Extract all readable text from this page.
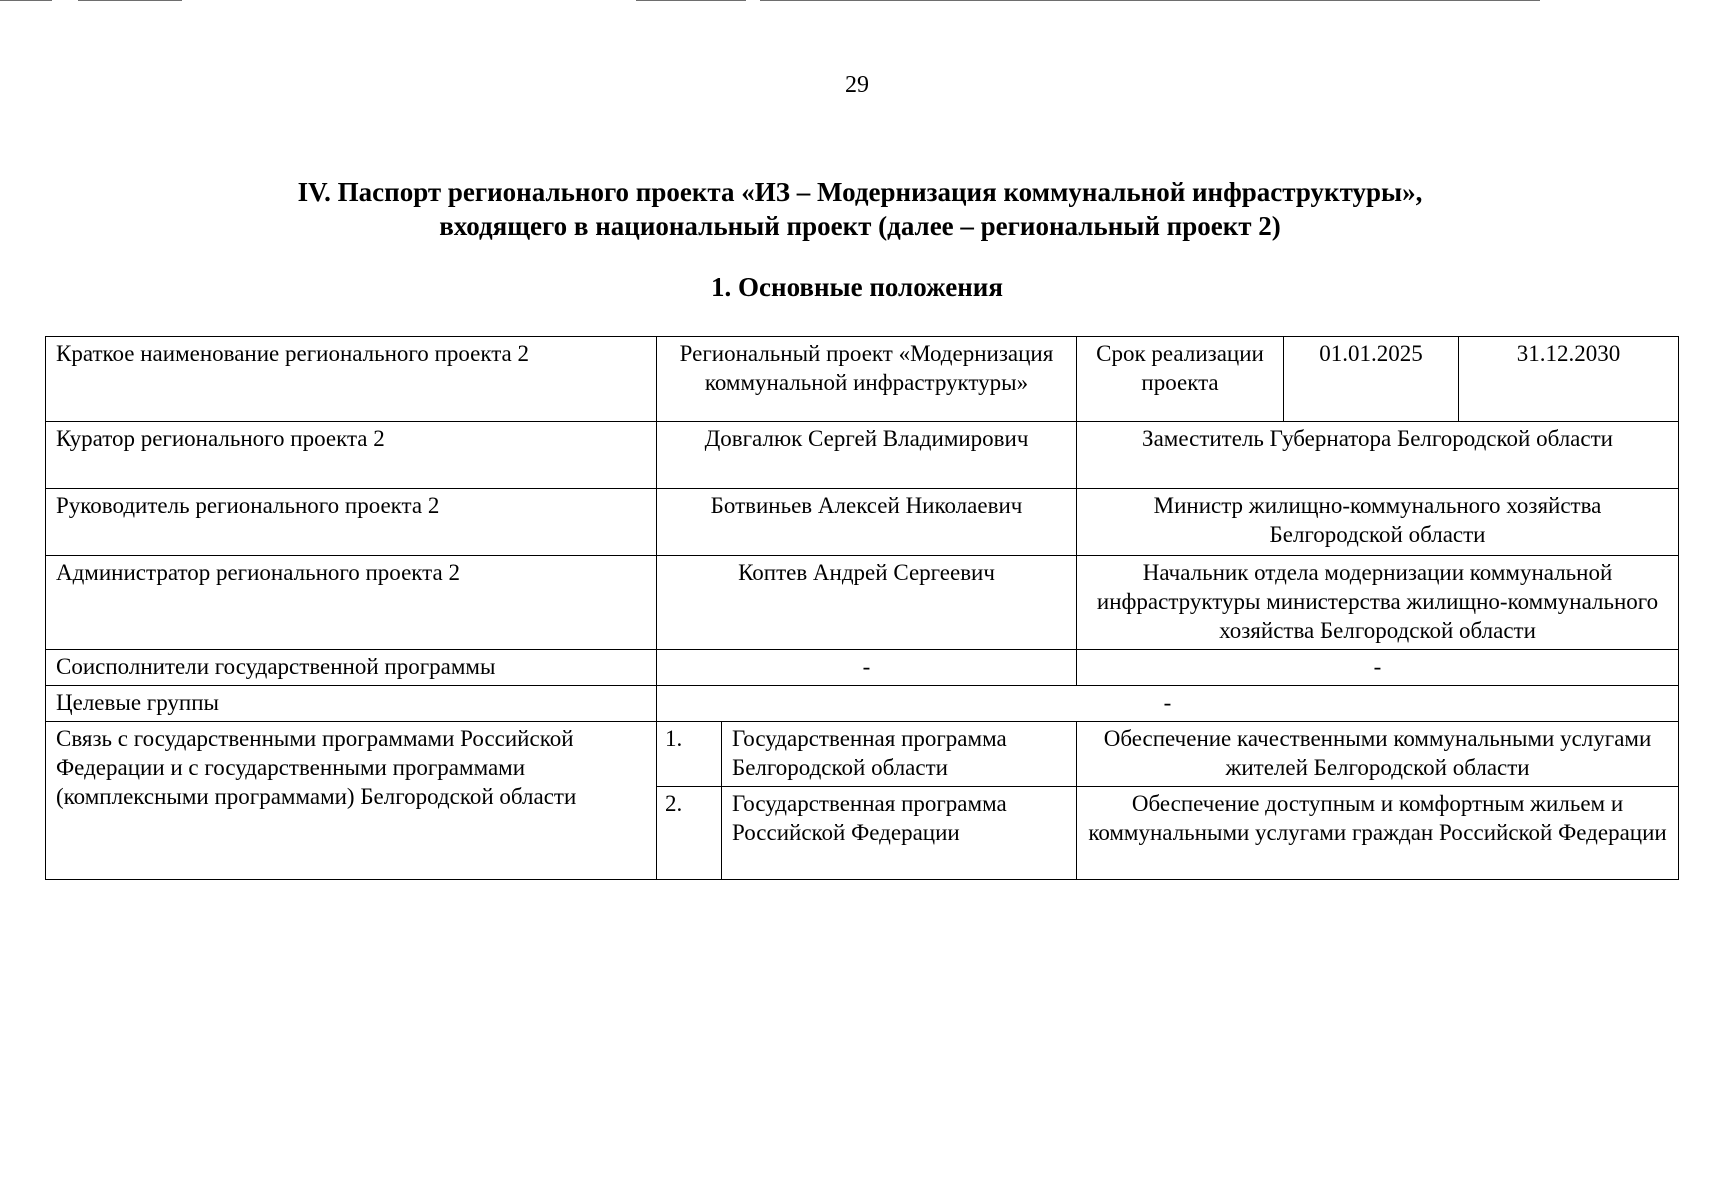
29
IV. Паспорт регионального проекта «ИЗ – Модернизация коммунальной инфраструктуры»,
входящего в национальный проект (далее – региональный проект 2)
1. Основные положения
Краткое наименование регионального проекта 2	Региональный проект «Модернизация коммунальной инфраструктуры»		Срок реализации проекта	01.01.2025	31.12.2030
Куратор регионального проекта 2	Довгалюк Сергей Владимирович		Заместитель Губернатора Белгородской области		
Руководитель регионального проекта 2	Ботвиньев Алексей Николаевич		Министр жилищно-коммунального хозяйства Белгородской области		
Администратор регионального проекта 2	Коптев Андрей Сергеевич		Начальник отдела модернизации коммунальной инфраструктуры министерства жилищно-коммунального хозяйства Белгородской области		
Соисполнители государственной программы	-		-		
Целевые группы	-				
Связь с государственными программами Российской Федерации и с государственными программами (комплексными программами) Белгородской области	1.	Государственная программа Белгородской области	Обеспечение качественными коммунальными услугами жителей Белгородской области		
	2.	Государственная программа Российской Федерации	Обеспечение доступным и комфортным жильем и коммунальными услугами граждан Российской Федерации		
